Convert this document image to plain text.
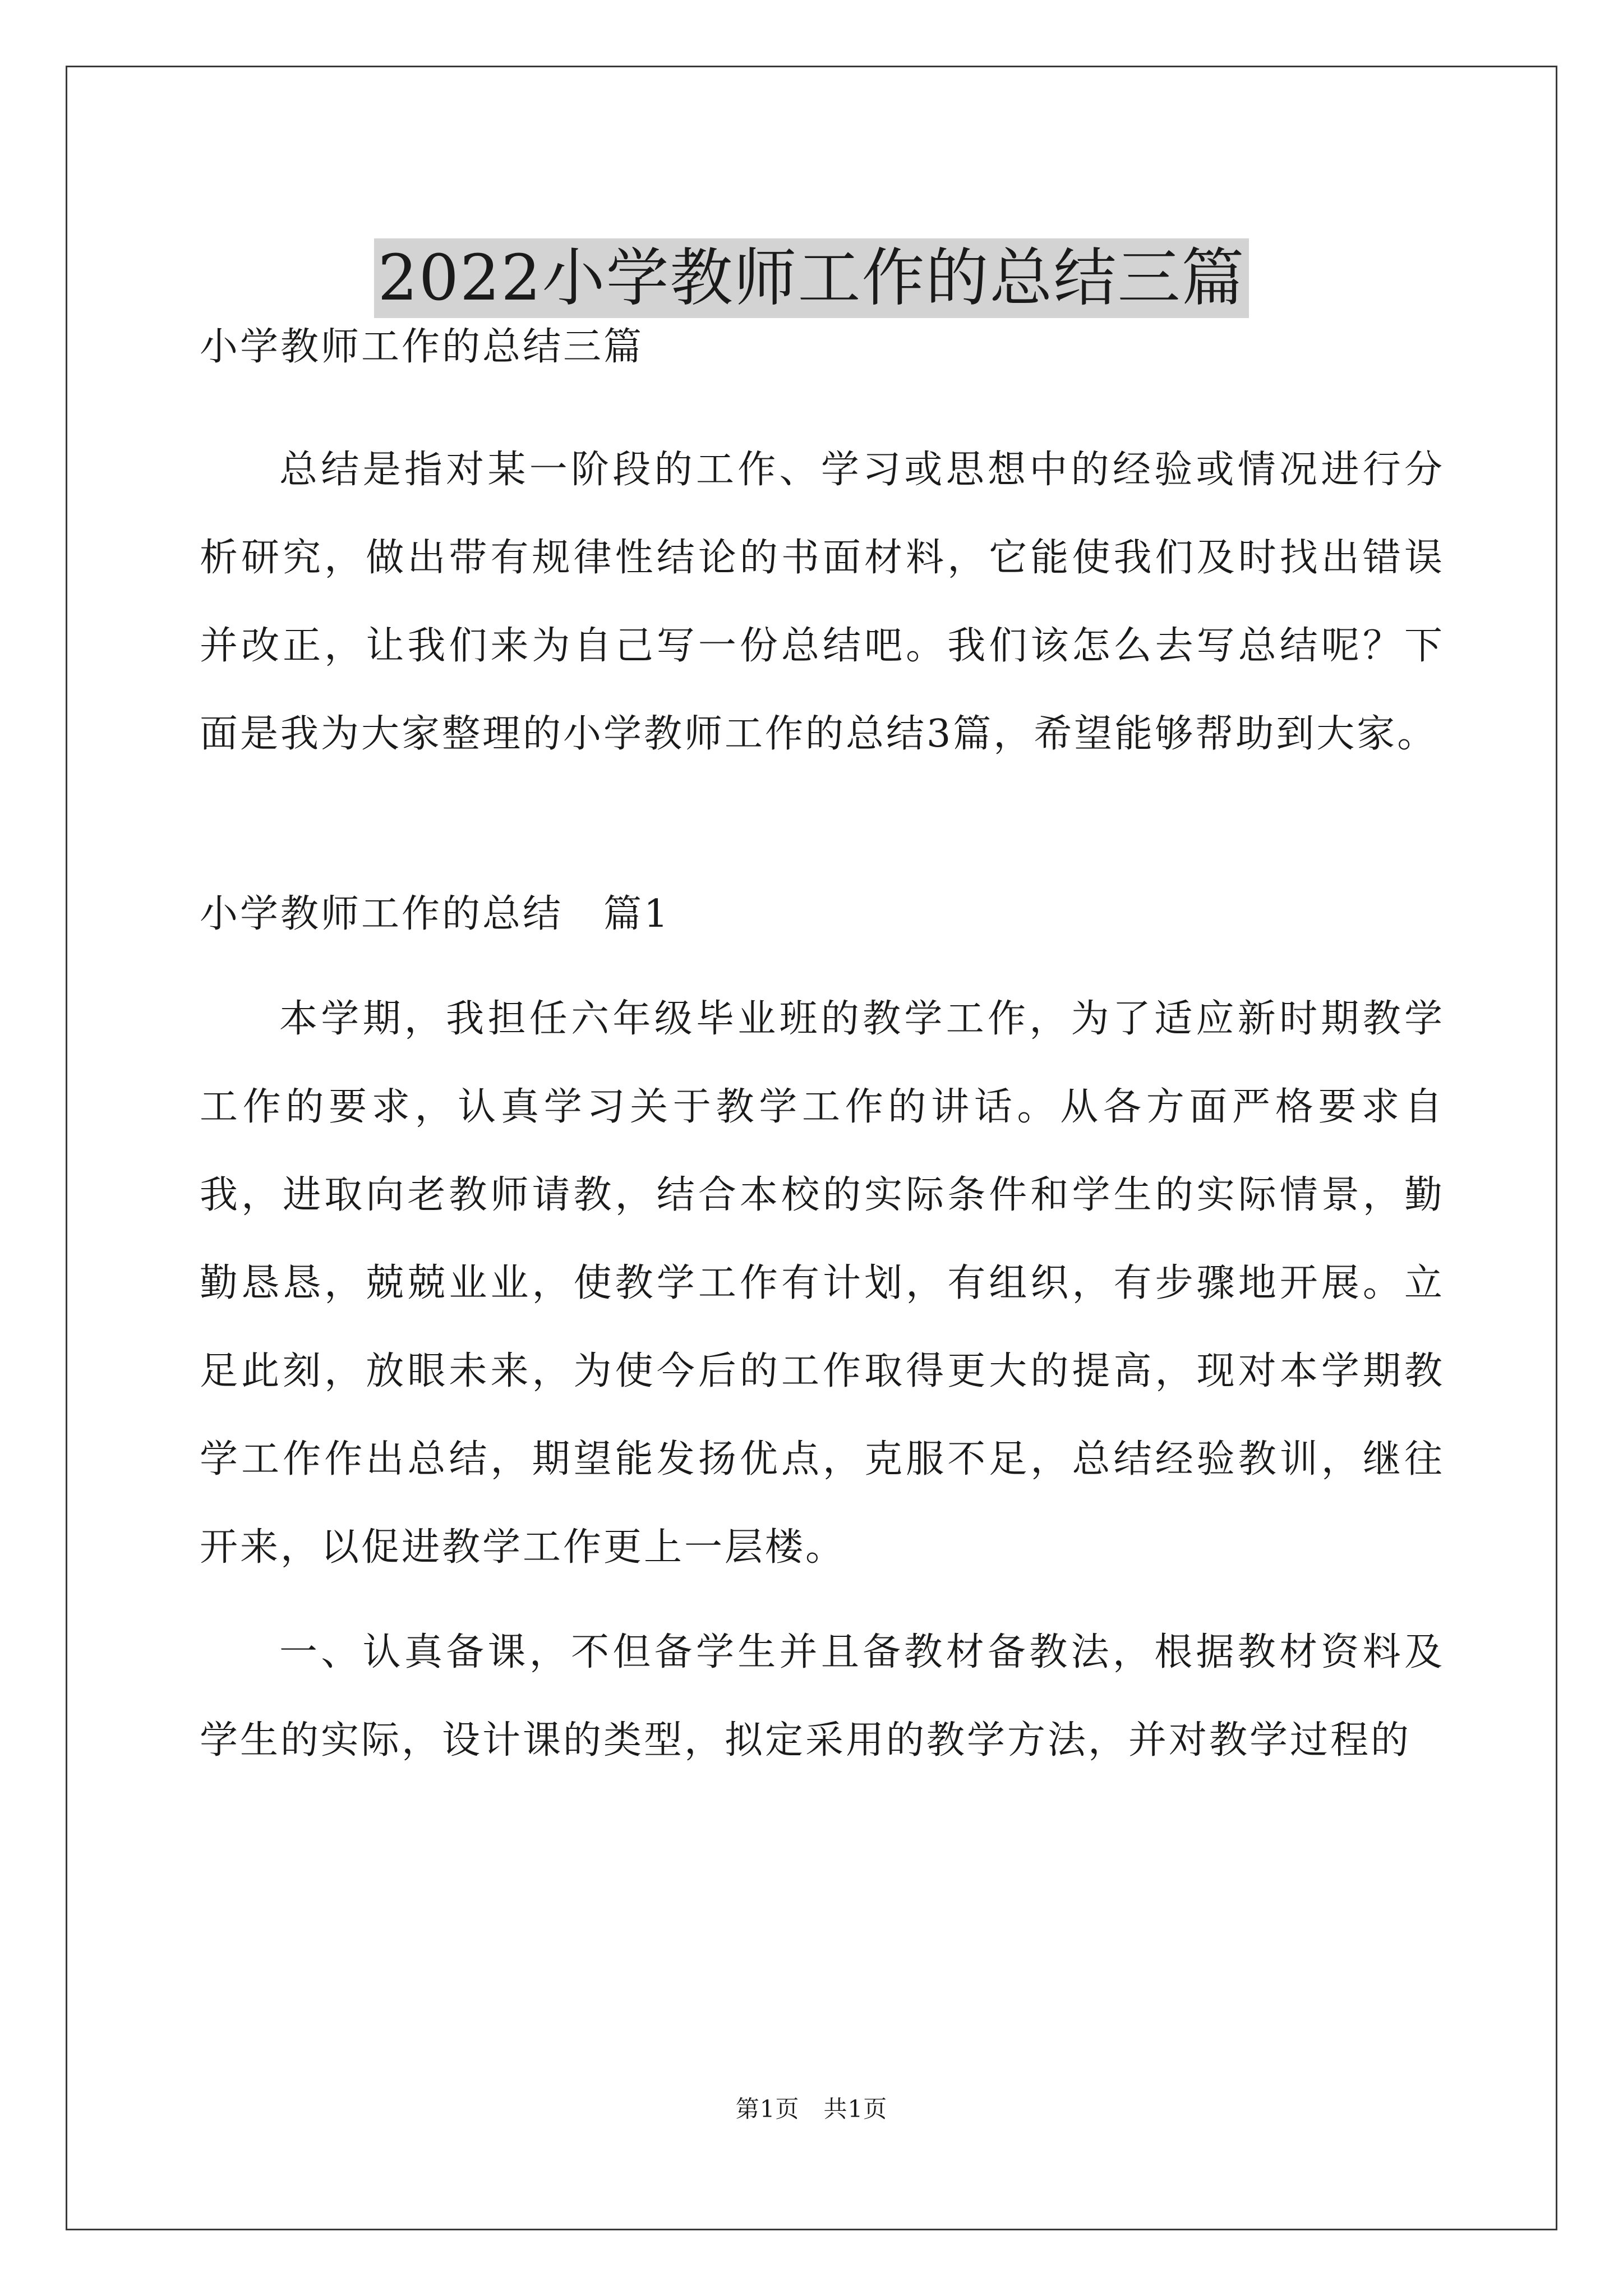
2022小学教师工作的总结三篇

小学教师工作的总结三篇

总结是指对某一阶段的工作、学习或思想中的经验或情况进行分析研究，做出带有规律性结论的书面材料，它能使我们及时找出错误并改正，让我们来为自己写一份总结吧。我们该怎么去写总结呢？下面是我为大家整理的小学教师工作的总结3篇，希望能够帮助到大家。

小学教师工作的总结　篇1

本学期，我担任六年级毕业班的教学工作，为了适应新时期教学工作的要求，认真学习关于教学工作的讲话。从各方面严格要求自我，进取向老教师请教，结合本校的实际条件和学生的实际情景，勤勤恳恳，兢兢业业，使教学工作有计划，有组织，有步骤地开展。立足此刻，放眼未来，为使今后的工作取得更大的提高，现对本学期教学工作作出总结，期望能发扬优点，克服不足，总结经验教训，继往开来，以促进教学工作更上一层楼。

一、认真备课，不但备学生并且备教材备教法，根据教材资料及学生的实际，设计课的类型，拟定采用的教学方法，并对教学过程的

第1页　共1页
